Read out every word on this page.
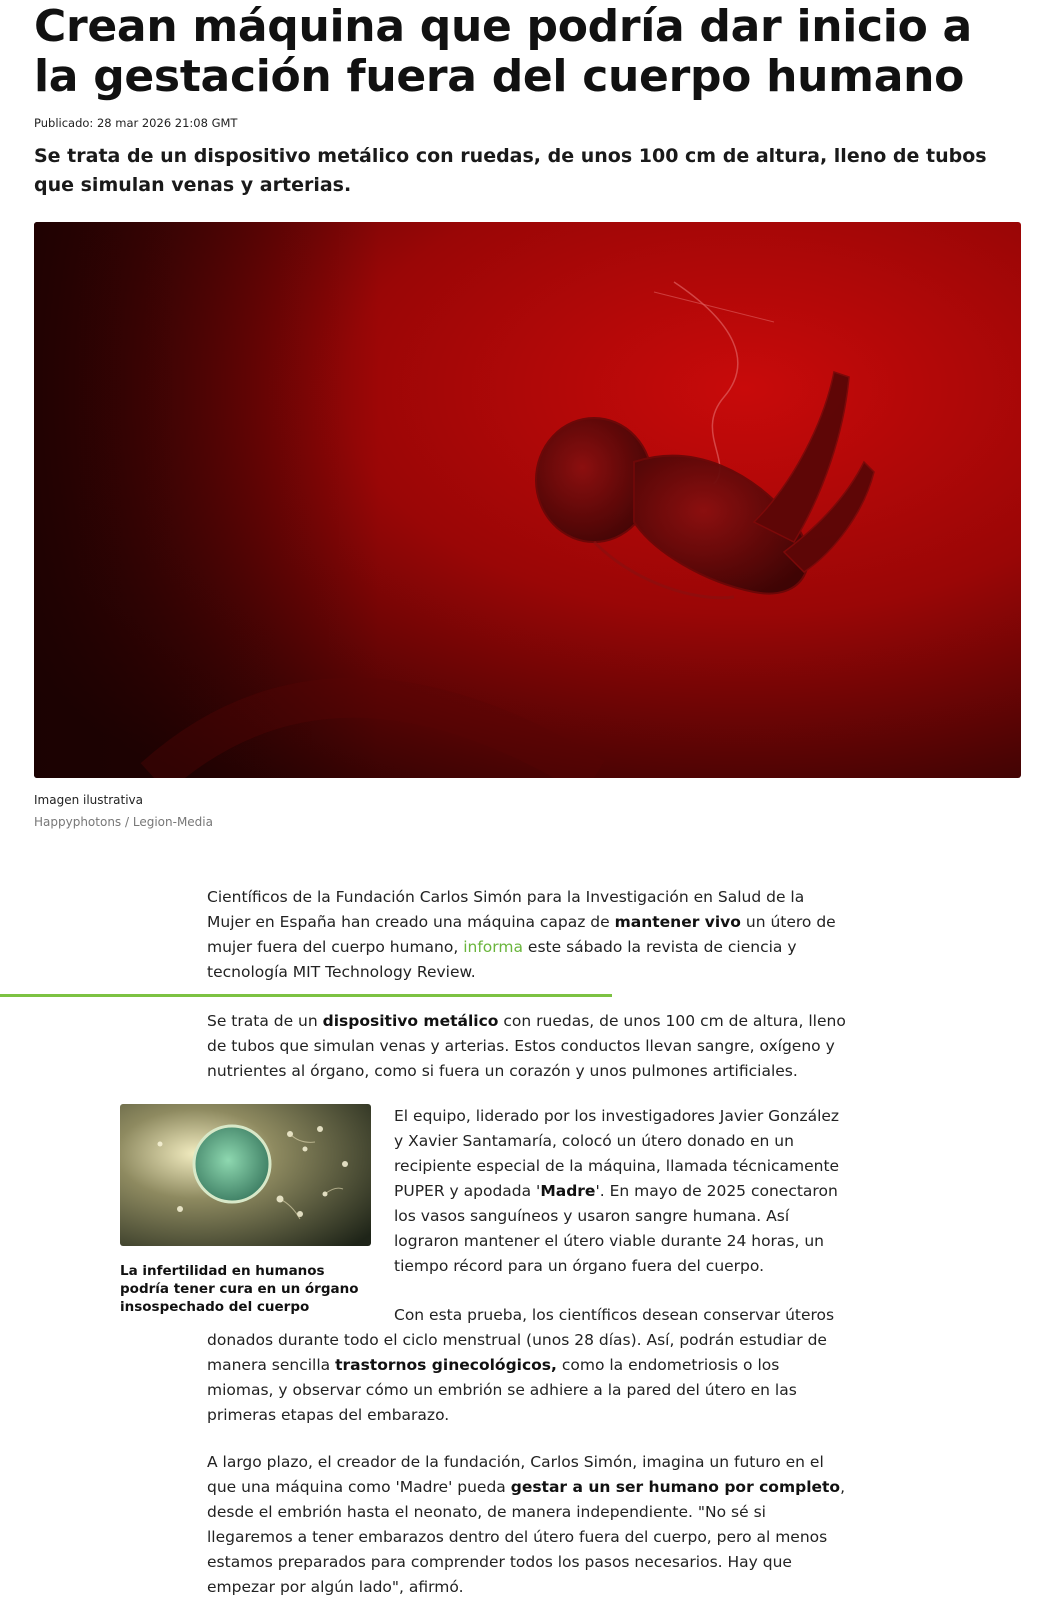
Crean máquina que podría dar inicio a la gestación fuera del cuerpo humano
Publicado: 28 mar 2026 21:08 GMT

Se trata de un dispositivo metálico con ruedas, de unos 100 cm de altura, lleno de tubos que simulan venas y arterias.

Imagen ilustrativa
Happyphotons / Legion-Media

Científicos de la Fundación Carlos Simón para la Investigación en Salud de la Mujer en España han creado una máquina capaz de mantener vivo un útero de mujer fuera del cuerpo humano, informa este sábado la revista de ciencia y tecnología MIT Technology Review.

Se trata de un dispositivo metálico con ruedas, de unos 100 cm de altura, lleno de tubos que simulan venas y arterias. Estos conductos llevan sangre, oxígeno y nutrientes al órgano, como si fuera un corazón y unos pulmones artificiales.

La infertilidad en humanos podría tener cura en un órgano insospechado del cuerpo

El equipo, liderado por los investigadores Javier González y Xavier Santamaría, colocó un útero donado en un recipiente especial de la máquina, llamada técnicamente PUPER y apodada 'Madre'. En mayo de 2025 conectaron los vasos sanguíneos y usaron sangre humana. Así lograron mantener el útero viable durante 24 horas, un tiempo récord para un órgano fuera del cuerpo.

Con esta prueba, los científicos desean conservar úteros donados durante todo el ciclo menstrual (unos 28 días). Así, podrán estudiar de manera sencilla trastornos ginecológicos, como la endometriosis o los miomas, y observar cómo un embrión se adhiere a la pared del útero en las primeras etapas del embarazo.

A largo plazo, el creador de la fundación, Carlos Simón, imagina un futuro en el que una máquina como 'Madre' pueda gestar a un ser humano por completo, desde el embrión hasta el neonato, de manera independiente. "No sé si llegaremos a tener embarazos dentro del útero fuera del cuerpo, pero al menos estamos preparados para comprender todos los pasos necesarios. Hay que empezar por algún lado", afirmó.
